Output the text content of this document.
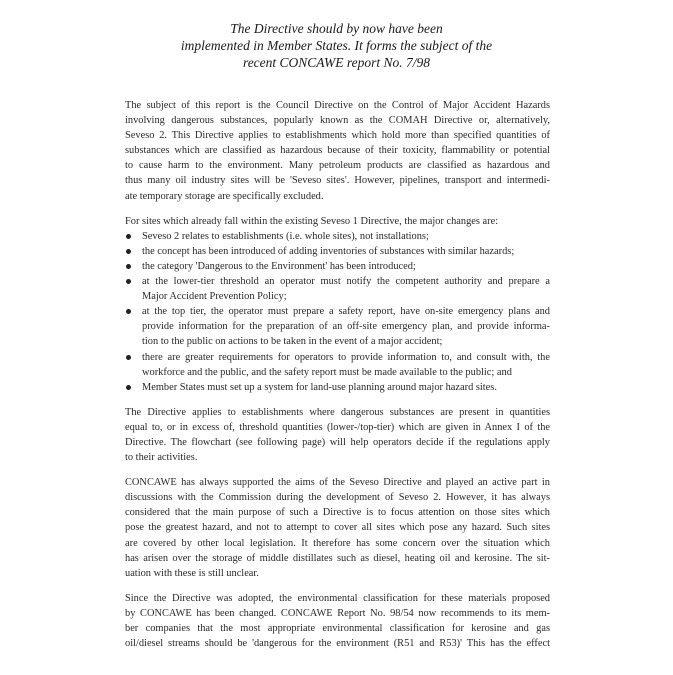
The Directive should by now have been
implemented in Member States. It forms the subject of the
recent CONCAWE report No. 7/98
The subject of this report is the Council Directive on the Control of Major Accident Hazards
involving dangerous substances, popularly known as the COMAH Directive or, alternatively,
Seveso 2. This Directive applies to establishments which hold more than specified quantities of
substances which are classified as hazardous because of their toxicity, flammability or potential
to cause harm to the environment. Many petroleum products are classified as hazardous and
thus many oil industry sites will be 'Seveso sites'. However, pipelines, transport and intermedi-
ate temporary storage are specifically excluded.
For sites which already fall within the existing Seveso 1 Directive, the major changes are:
Seveso 2 relates to establishments (i.e. whole sites), not installations;
the concept has been introduced of adding inventories of substances with similar hazards;
the category 'Dangerous to the Environment' has been introduced;
at the lower-tier threshold an operator must notify the competent authority and prepare a
Major Accident Prevention Policy;
at the top tier, the operator must prepare a safety report, have on-site emergency plans and
provide information for the preparation of an off-site emergency plan, and provide informa-
tion to the public on actions to be taken in the event of a major accident;
there are greater requirements for operators to provide information to, and consult with, the
workforce and the public, and the safety report must be made available to the public; and
Member States must set up a system for land-use planning around major hazard sites.
The Directive applies to establishments where dangerous substances are present in quantities
equal to, or in excess of, threshold quantities (lower-/top-tier) which are given in Annex I of the
Directive. The flowchart (see following page) will help operators decide if the regulations apply
to their activities.
CONCAWE has always supported the aims of the Seveso Directive and played an active part in
discussions with the Commission during the development of Seveso 2. However, it has always
considered that the main purpose of such a Directive is to focus attention on those sites which
pose the greatest hazard, and not to attempt to cover all sites which pose any hazard. Such sites
are covered by other local legislation. It therefore has some concern over the situation which
has arisen over the storage of middle distillates such as diesel, heating oil and kerosine. The sit-
uation with these is still unclear.
Since the Directive was adopted, the environmental classification for these materials proposed
by CONCAWE has been changed. CONCAWE Report No. 98/54 now recommends to its mem-
ber companies that the most appropriate environmental classification for kerosine and gas
oil/diesel streams should be 'dangerous for the environment (R51 and R53)' This has the effect
